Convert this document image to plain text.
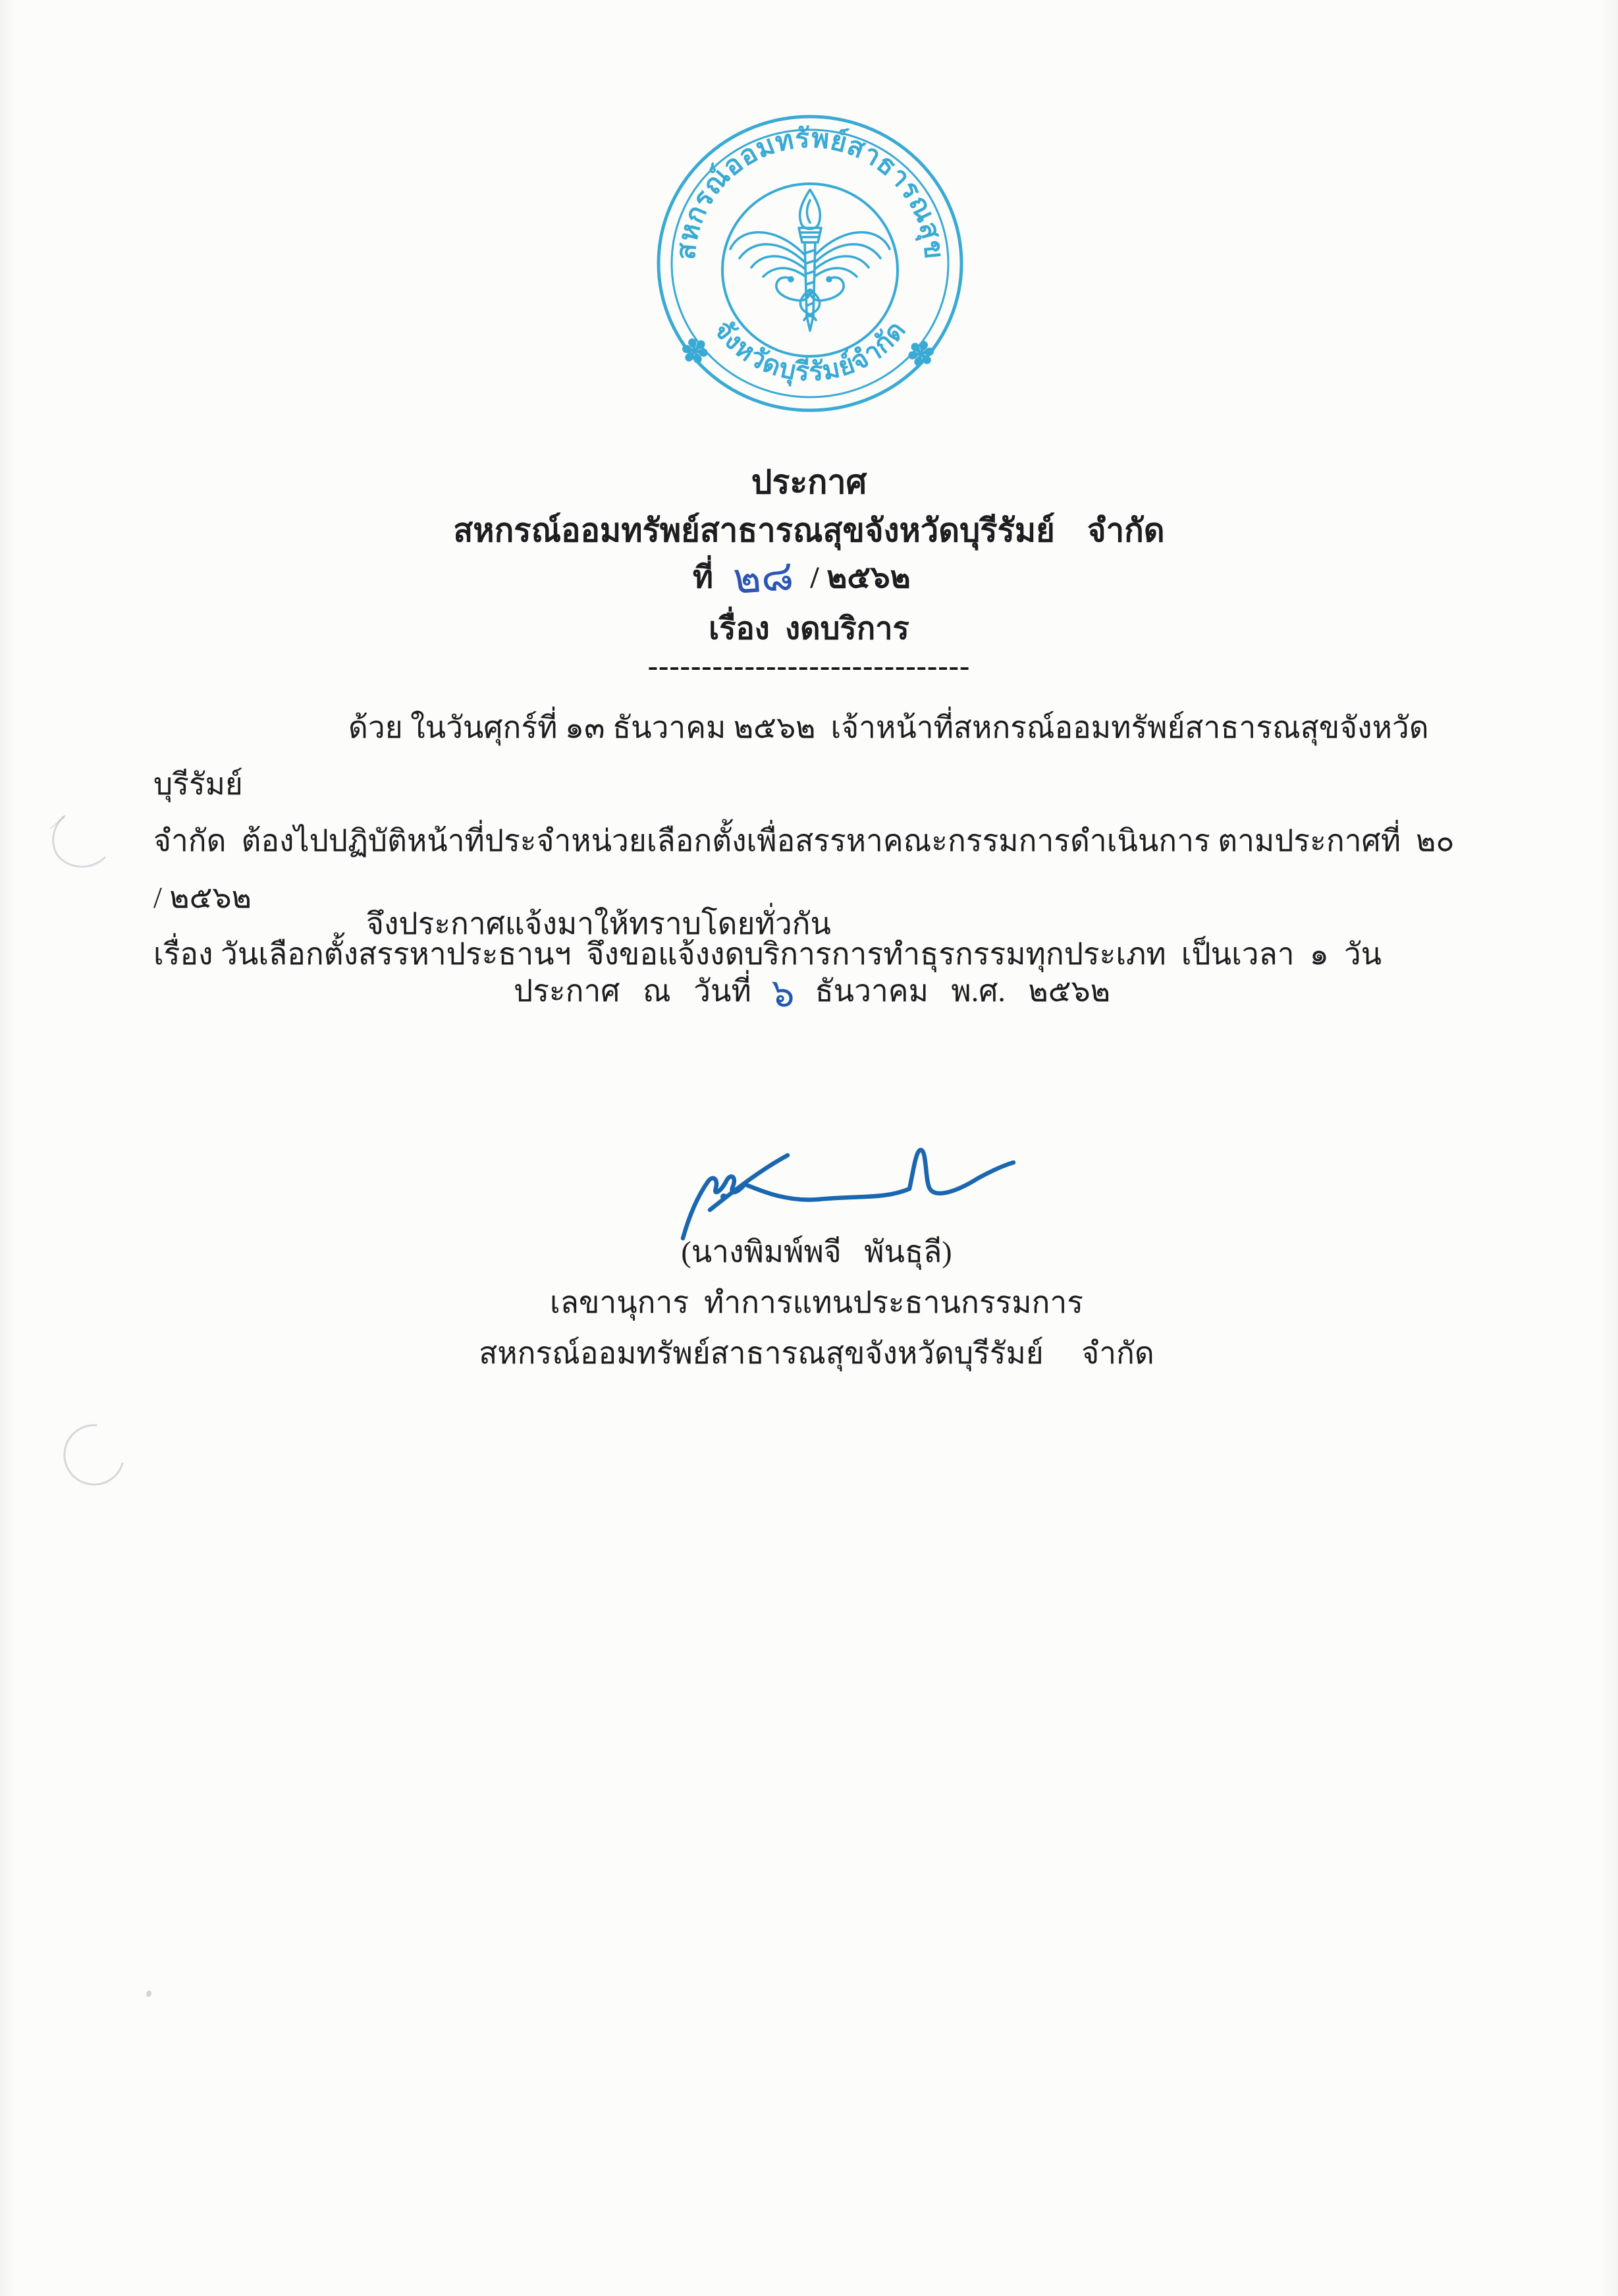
สหกรณ์ออมทรัพย์สาธารณสุข
จังหวัดบุรีรัมย์จำกัด
✽	✽
ประกาศ
สหกรณ์ออมทรัพย์สาธารณสุขจังหวัดบุรีรัมย์    จำกัด
ที่ ๒๘ / ๒๕๖๒
เรื่อง  งดบริการ
------------------------------
ด้วย ในวันศุกร์ที่ ๑๓ ธันวาคม ๒๕๖๒  เจ้าหน้าที่สหกรณ์ออมทรัพย์สาธารณสุขจังหวัดบุรีรัมย์
จำกัด  ต้องไปปฏิบัติหน้าที่ประจำหน่วยเลือกตั้งเพื่อสรรหาคณะกรรมการดำเนินการ ตามประกาศที่  ๒๐ / ๒๕๖๒
เรื่อง วันเลือกตั้งสรรหาประธานฯ  จึงขอแจ้งงดบริการการทำธุรกรรมทุกประเภท  เป็นเวลา  ๑  วัน
จึงประกาศแจ้งมาให้ทราบโดยทั่วกัน
ประกาศ   ณ   วันที่ ๖ ธันวาคม   พ.ศ.   ๒๕๖๒
(นางพิมพ์พจี   พันธุลี)
เลขานุการ  ทำการแทนประธานกรรมการ
สหกรณ์ออมทรัพย์สาธารณสุขจังหวัดบุรีรัมย์     จำกัด
